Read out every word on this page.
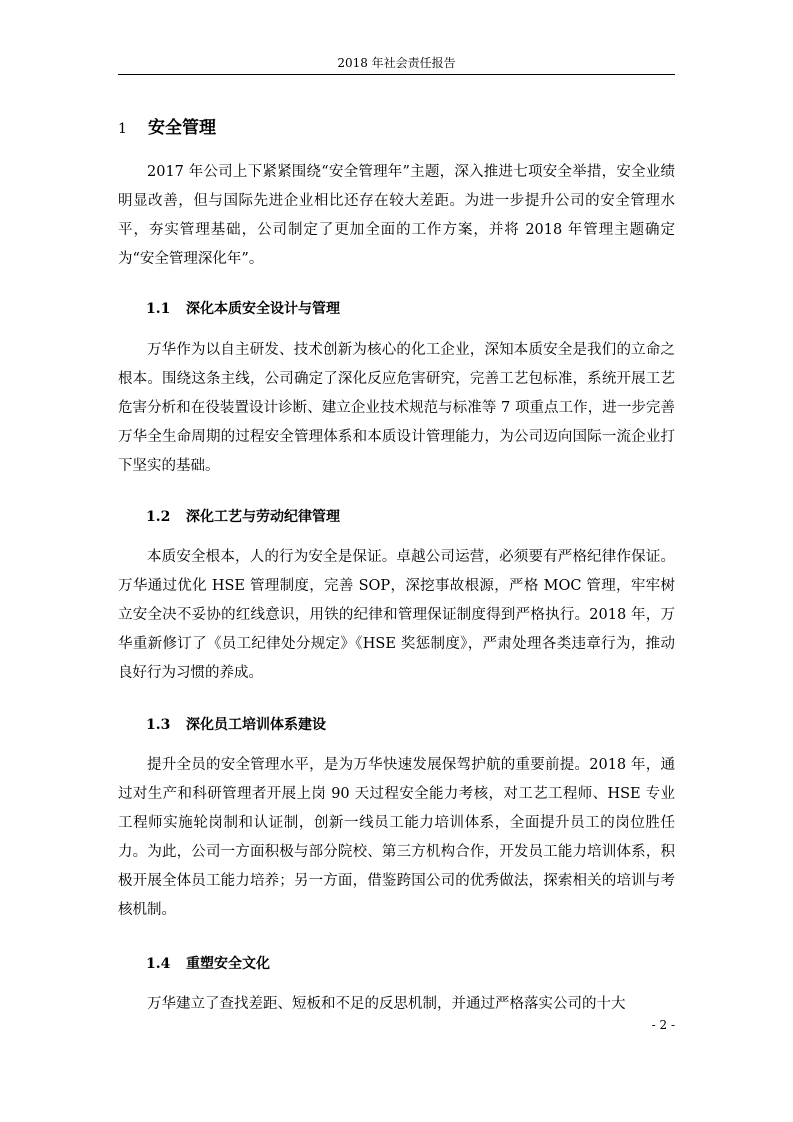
2018 年社会责任报告
1 安全管理

2017 年公司上下紧紧围绕“安全管理年”主题，深入推进七项安全举措，安全业绩明显改善，但与国际先进企业相比还存在较大差距。为进一步提升公司的安全管理水平，夯实管理基础，公司制定了更加全面的工作方案，并将 2018 年管理主题确定为“安全管理深化年”。

1.1 深化本质安全设计与管理

万华作为以自主研发、技术创新为核心的化工企业，深知本质安全是我们的立命之根本。围绕这条主线，公司确定了深化反应危害研究，完善工艺包标准，系统开展工艺危害分析和在役装置设计诊断、建立企业技术规范与标准等 7 项重点工作，进一步完善万华全生命周期的过程安全管理体系和本质设计管理能力，为公司迈向国际一流企业打下坚实的基础。

1.2 深化工艺与劳动纪律管理

本质安全根本，人的行为安全是保证。卓越公司运营，必须要有严格纪律作保证。万华通过优化 HSE 管理制度，完善 SOP，深挖事故根源，严格 MOC 管理，牢牢树立安全决不妥协的红线意识，用铁的纪律和管理保证制度得到严格执行。2018 年，万华重新修订了《员工纪律处分规定》《HSE 奖惩制度》，严肃处理各类违章行为，推动良好行为习惯的养成。

1.3 深化员工培训体系建设

提升全员的安全管理水平，是为万华快速发展保驾护航的重要前提。2018 年，通过对生产和科研管理者开展上岗 90 天过程安全能力考核，对工艺工程师、HSE 专业工程师实施轮岗制和认证制，创新一线员工能力培训体系，全面提升员工的岗位胜任力。为此，公司一方面积极与部分院校、第三方机构合作，开发员工能力培训体系，积极开展全体员工能力培养；另一方面，借鉴跨国公司的优秀做法，探索相关的培训与考核机制。

1.4 重塑安全文化

万华建立了查找差距、短板和不足的反思机制，并通过严格落实公司的十大

- 2 -
